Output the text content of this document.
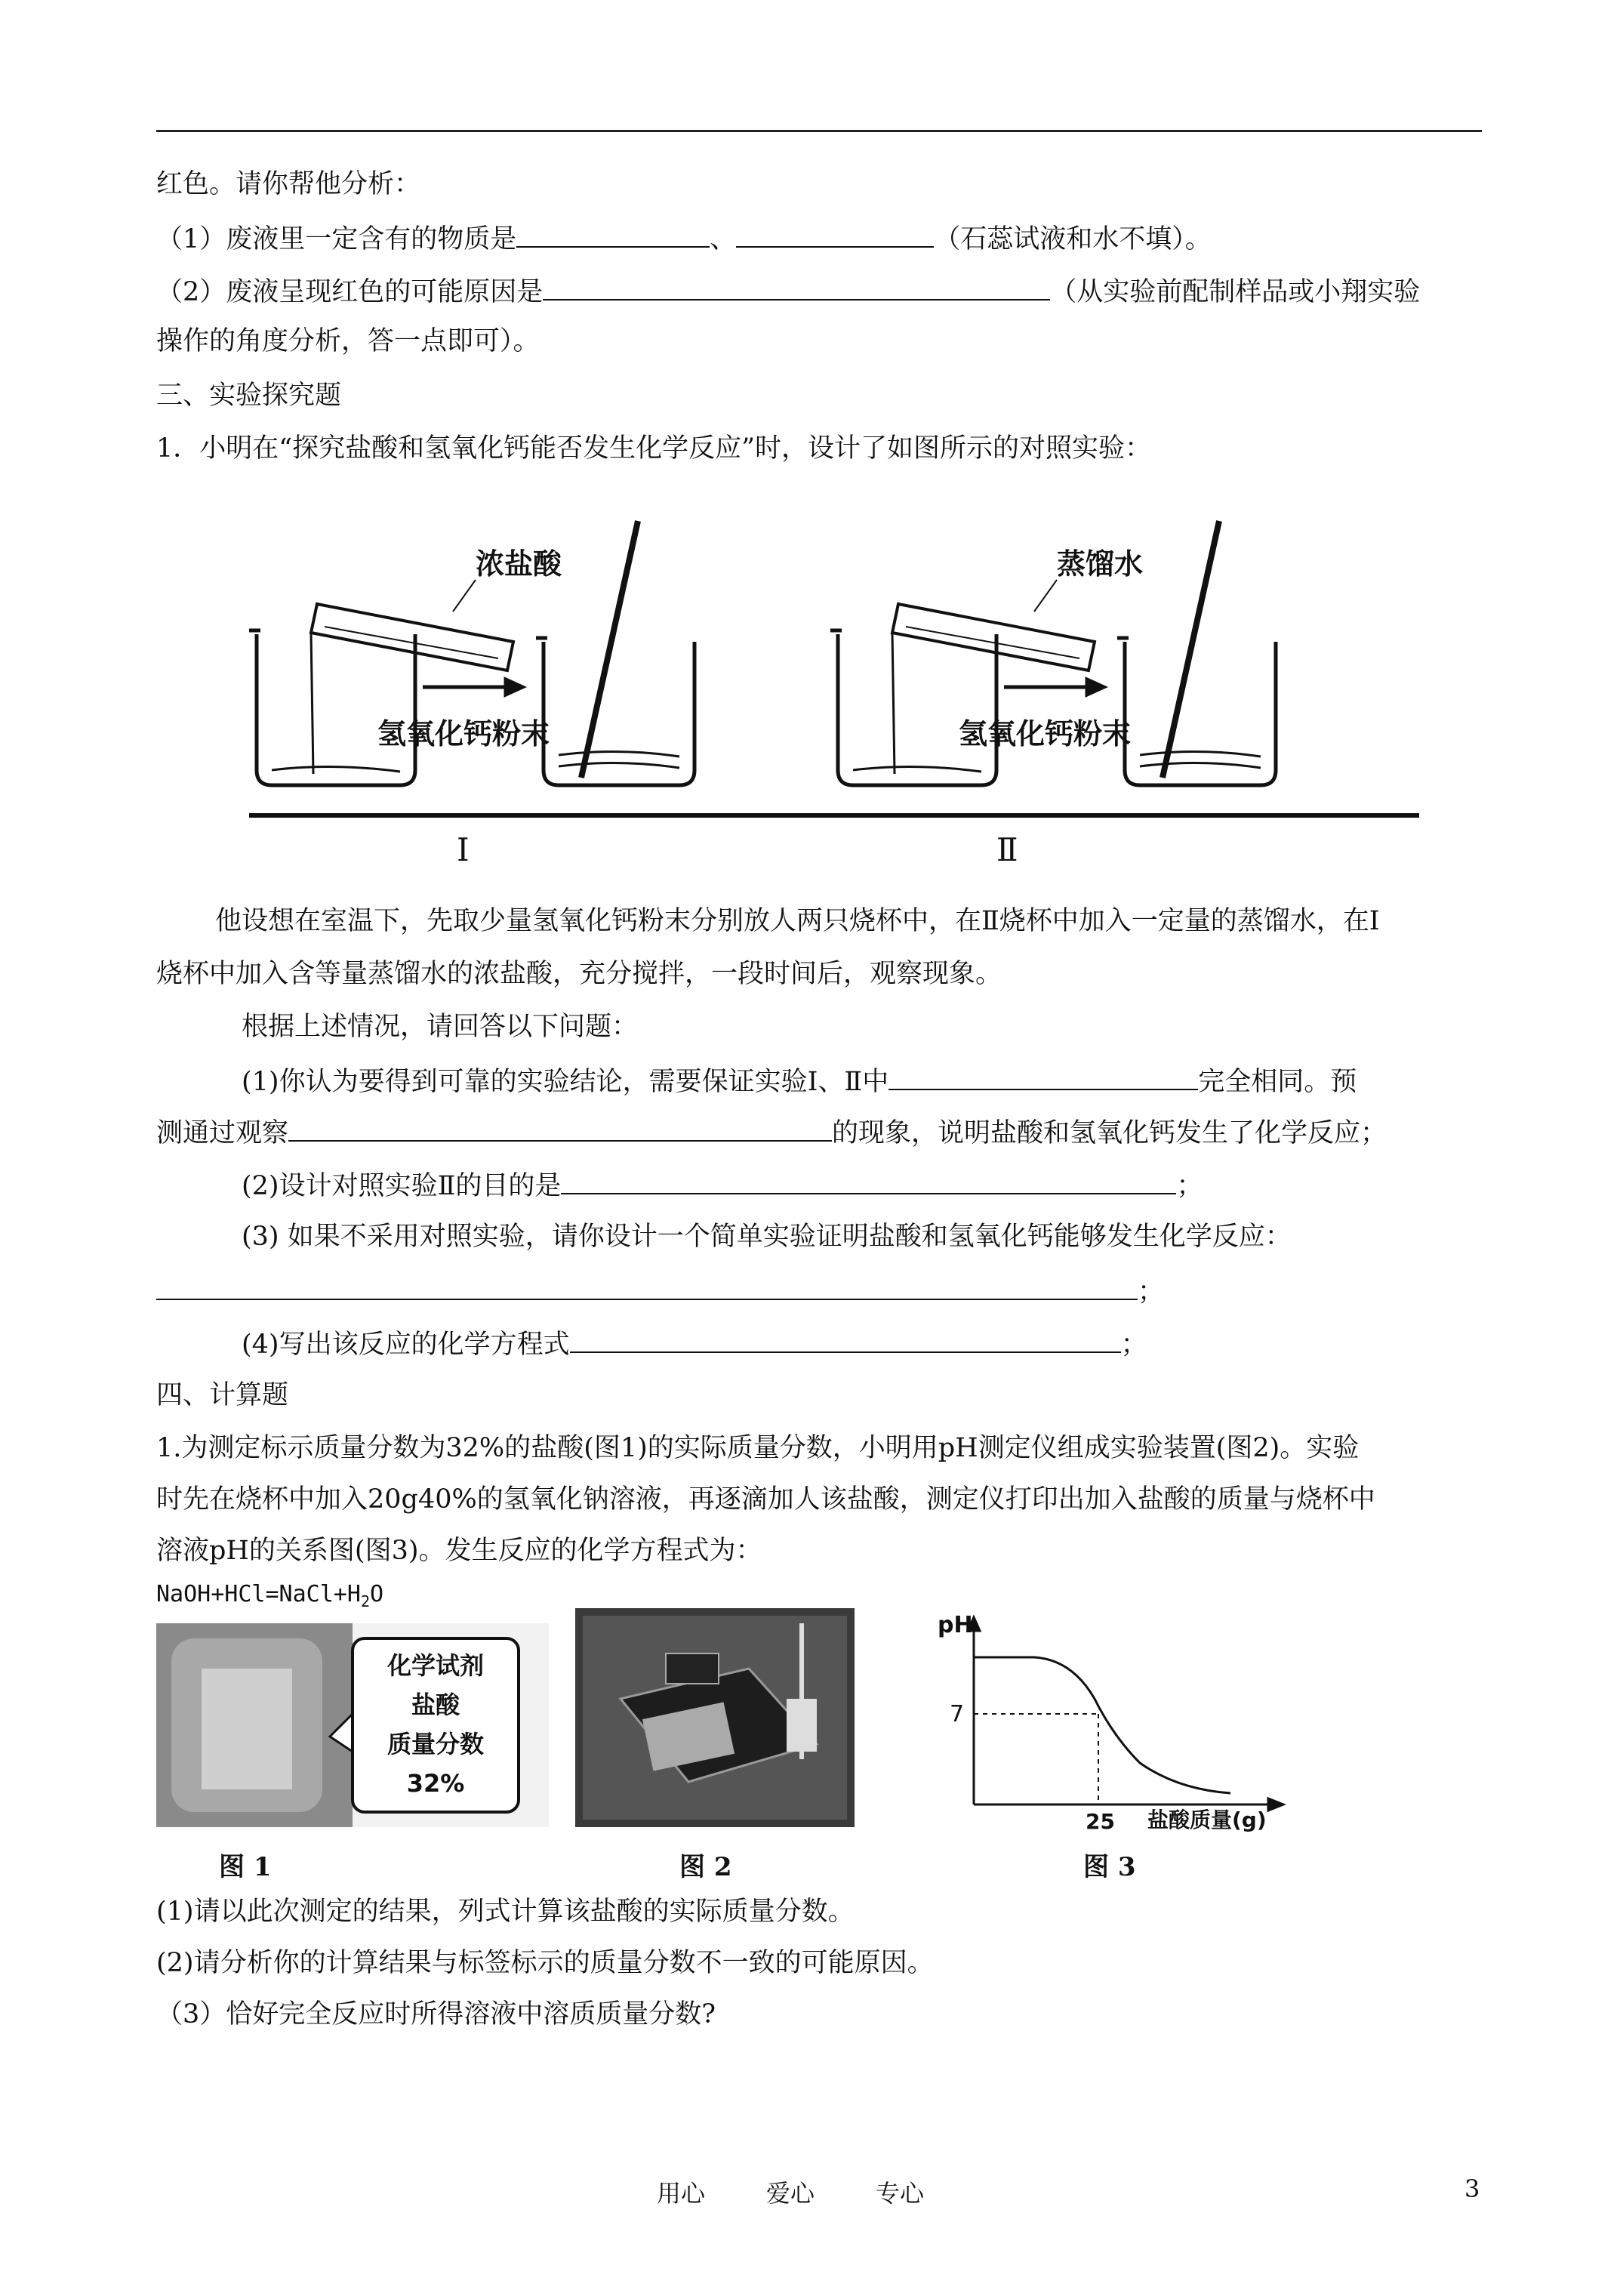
红色。请你帮他分析：
（1）废液里一定含有的物质是	、	（石蕊试液和水不填）。
（2）废液呈现红色的可能原因是	（从实验前配制样品或小翔实验
操作的角度分析，答一点即可）。
三、实验探究题
1．小明在“探究盐酸和氢氧化钙能否发生化学反应”时，设计了如图所示的对照实验：
浓盐酸
氢氧化钙粉末
I
蒸馏水
氢氧化钙粉末
Ⅱ
他设想在室温下，先取少量氢氧化钙粉末分别放人两只烧杯中，在Ⅱ烧杯中加入一定量的蒸馏水，在Ⅰ
烧杯中加入含等量蒸馏水的浓盐酸，充分搅拌，一段时间后，观察现象。
根据上述情况，请回答以下问题：
(1)你认为要得到可靠的实验结论，需要保证实验Ⅰ、Ⅱ中	完全相同。预
测通过观察	的现象，说明盐酸和氢氧化钙发生了化学反应；
(2)设计对照实验Ⅱ的目的是	；
(3) 如果不采用对照实验，请你设计一个简单实验证明盐酸和氢氧化钙能够发生化学反应：
；
(4)写出该反应的化学方程式	；
四、计算题
1.为测定标示质量分数为32%的盐酸(图1)的实际质量分数，小明用pH测定仪组成实验装置(图2)。实验
时先在烧杯中加入20g40%的氢氧化钠溶液，再逐滴加人该盐酸，测定仪打印出加入盐酸的质量与烧杯中
溶液pH的关系图(图3)。发生反应的化学方程式为：
$NaOH+HCl=NaCl+H_2O$
化学试剂
盐酸
质量分数
32%
图 1	图 2
pH
7
25 盐酸质量(g)
图 3
(1)请以此次测定的结果，列式计算该盐酸的实际质量分数。
(2)请分析你的计算结果与标签标示的质量分数不一致的可能原因。
（3）恰好完全反应时所得溶液中溶质质量分数?
用心	爱心	专心	3
